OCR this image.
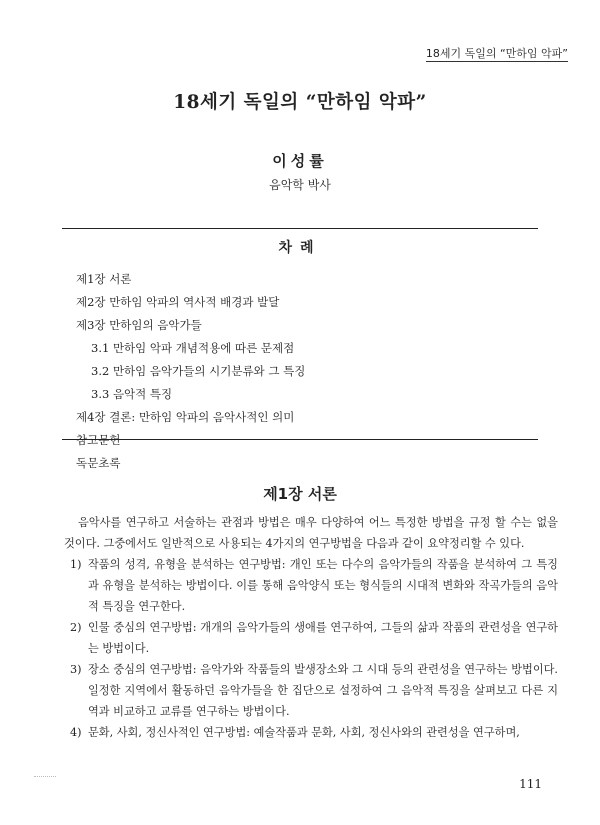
18세기 독일의 “만하임 악파”
18세기 독일의 “만하임 악파”
이성률
음악학 박사
차례
제1장 서론
제2장 만하임 악파의 역사적 배경과 발달
제3장 만하임의 음악가들
3.1 만하임 악파 개념적용에 따른 문제점
3.2 만하임 음악가들의 시기분류와 그 특징
3.3 음악적 특징
제4장 결론: 만하임 악파의 음악사적인 의미
참고문헌
독문초록
제1장 서론

음악사를 연구하고 서술하는 관점과 방법은 매우 다양하여 어느 특정한 방법을 규정 할 수는 없을 것이다. 그중에서도 일반적으로 사용되는 4가지의 연구방법을 다음과 같이 요약정리할 수 있다.

1) 작품의 성격, 유형을 분석하는 연구방법: 개인 또는 다수의 음악가들의 작품을 분석하여 그 특징과 유형을 분석하는 방법이다. 이를 통해 음악양식 또는 형식들의 시대적 변화와 작곡가들의 음악적 특징을 연구한다.
2) 인물 중심의 연구방법: 개개의 음악가들의 생애를 연구하여, 그들의 삶과 작품의 관련성을 연구하는 방법이다.
3) 장소 중심의 연구방법: 음악가와 작품들의 발생장소와 그 시대 등의 관련성을 연구하는 방법이다. 일정한 지역에서 활동하던 음악가들을 한 집단으로 설정하여 그 음악적 특징을 살펴보고 다른 지역과 비교하고 교류를 연구하는 방법이다.
4) 문화, 사회, 정신사적인 연구방법: 예술작품과 문화, 사회, 정신사와의 관련성을 연구하며,
111
